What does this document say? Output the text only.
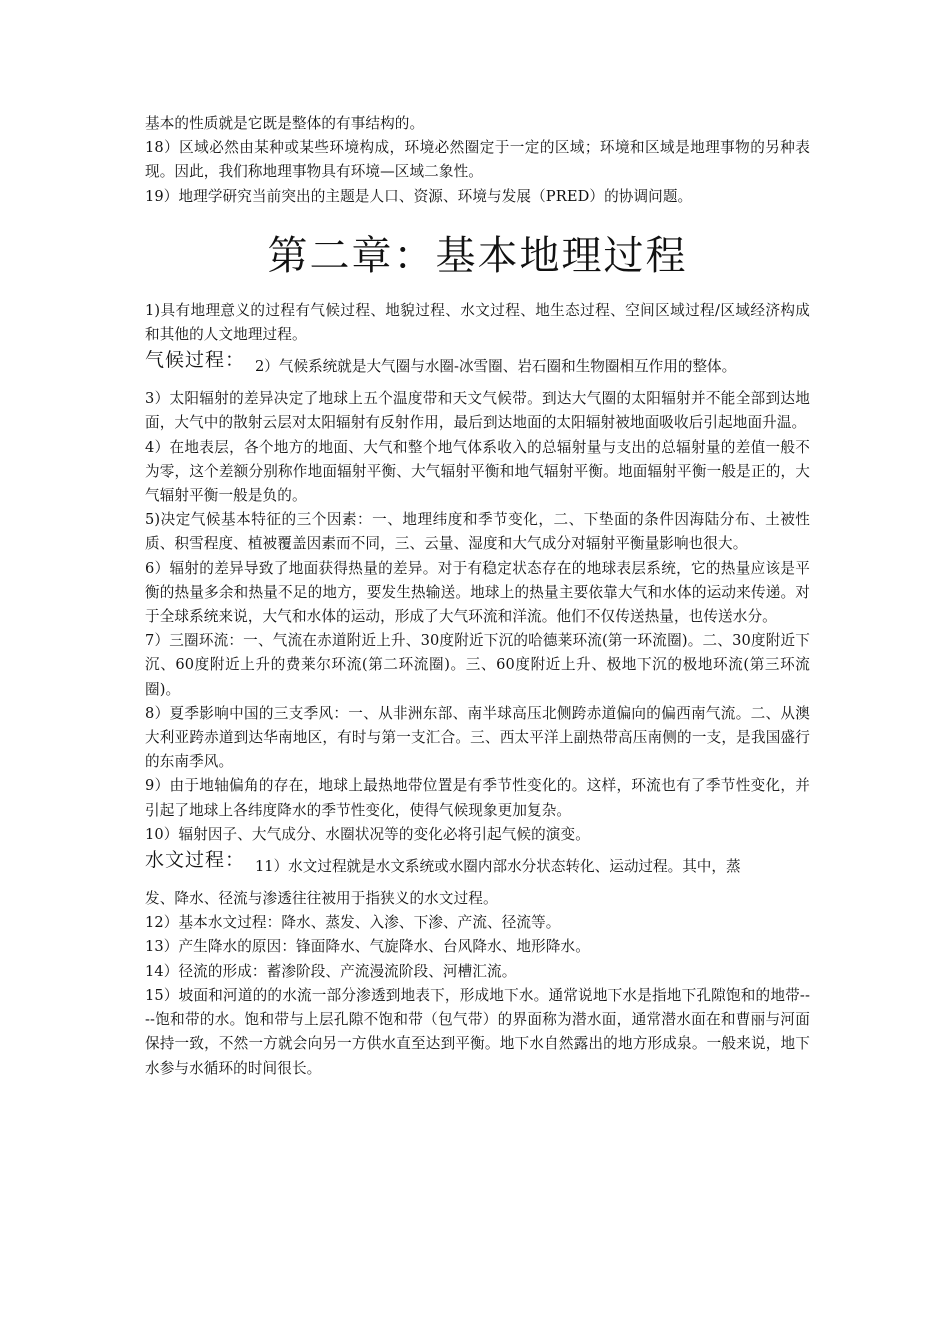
基本的性质就是它既是整体的有事结构的。

18）区域必然由某种或某些环境构成，环境必然圈定于一定的区域；环境和区域是地理事物的另种表现。因此，我们称地理事物具有环境—区域二象性。

19）地理学研究当前突出的主题是人口、资源、环境与发展（PRED）的协调问题。

第二章：基本地理过程

1)具有地理意义的过程有气候过程、地貌过程、水文过程、地生态过程、空间区域过程/区域经济构成和其他的人文地理过程。

气候过程： 2）气候系统就是大气圈与水圈-冰雪圈、岩石圈和生物圈相互作用的整体。

3）太阳辐射的差异决定了地球上五个温度带和天文气候带。到达大气圈的太阳辐射并不能全部到达地面，大气中的散射云层对太阳辐射有反射作用，最后到达地面的太阳辐射被地面吸收后引起地面升温。

4）在地表层，各个地方的地面、大气和整个地气体系收入的总辐射量与支出的总辐射量的差值一般不为零，这个差额分别称作地面辐射平衡、大气辐射平衡和地气辐射平衡。地面辐射平衡一般是正的，大气辐射平衡一般是负的。

5)决定气候基本特征的三个因素：一、地理纬度和季节变化，二、下垫面的条件因海陆分布、土被性质、积雪程度、植被覆盖因素而不同，三、云量、湿度和大气成分对辐射平衡量影响也很大。

6）辐射的差异导致了地面获得热量的差异。对于有稳定状态存在的地球表层系统，它的热量应该是平衡的热量多余和热量不足的地方，要发生热输送。地球上的热量主要依靠大气和水体的运动来传递。对于全球系统来说，大气和水体的运动，形成了大气环流和洋流。他们不仅传送热量，也传送水分。

7）三圈环流：一、气流在赤道附近上升、30度附近下沉的哈德莱环流(第一环流圈)。二、30度附近下沉、60度附近上升的费莱尔环流(第二环流圈)。三、60度附近上升、极地下沉的极地环流(第三环流圈)。

8）夏季影响中国的三支季风：一、从非洲东部、南半球高压北侧跨赤道偏向的偏西南气流。二、从澳大利亚跨赤道到达华南地区，有时与第一支汇合。三、西太平洋上副热带高压南侧的一支，是我国盛行的东南季风。

9）由于地轴偏角的存在，地球上最热地带位置是有季节性变化的。这样，环流也有了季节性变化，并引起了地球上各纬度降水的季节性变化，使得气候现象更加复杂。

10）辐射因子、大气成分、水圈状况等的变化必将引起气候的演变。

水文过程： 11）水文过程就是水文系统或水圈内部水分状态转化、运动过程。其中，蒸

发、降水、径流与渗透往往被用于指狭义的水文过程。

12）基本水文过程：降水、蒸发、入渗、下渗、产流、径流等。

13）产生降水的原因：锋面降水、气旋降水、台风降水、地形降水。

14）径流的形成：蓄渗阶段、产流漫流阶段、河槽汇流。

15）坡面和河道的的水流一部分渗透到地表下，形成地下水。通常说地下水是指地下孔隙饱和的地带----饱和带的水。饱和带与上层孔隙不饱和带（包气带）的界面称为潜水面，通常潜水面在和曹丽与河面保持一致，不然一方就会向另一方供水直至达到平衡。地下水自然露出的地方形成泉。一般来说，地下水参与水循环的时间很长。
